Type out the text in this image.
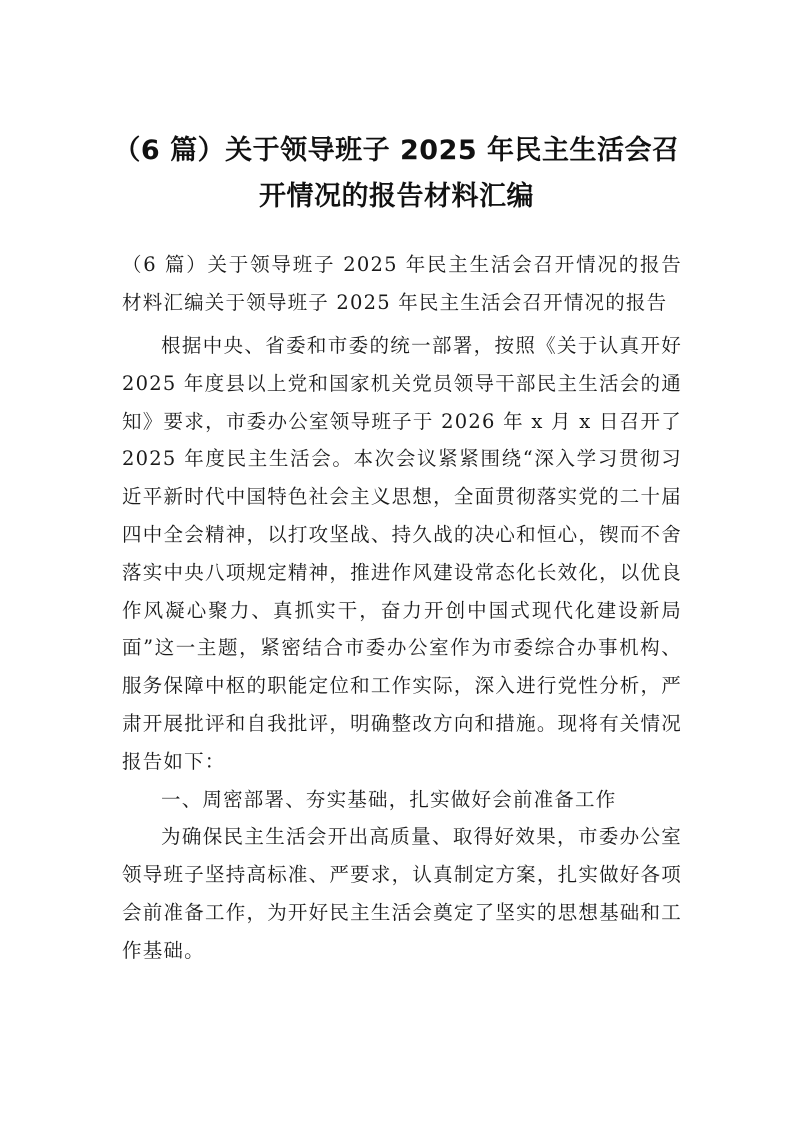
（6 篇）关于领导班子 2025 年民主生活会召
开情况的报告材料汇编
（6 篇）关于领导班子 2025 年民主生活会召开情况的报告材料汇编关于领导班子 2025 年民主生活会召开情况的报告

根据中央、省委和市委的统一部署，按照《关于认真开好 2025 年度县以上党和国家机关党员领导干部民主生活会的通知》要求，市委办公室领导班子于 2026 年 x 月 x 日召开了 2025 年度民主生活会。本次会议紧紧围绕“深入学习贯彻习近平新时代中国特色社会主义思想，全面贯彻落实党的二十届四中全会精神，以打攻坚战、持久战的决心和恒心，锲而不舍落实中央八项规定精神，推进作风建设常态化长效化，以优良作风凝心聚力、真抓实干，奋力开创中国式现代化建设新局面”这一主题，紧密结合市委办公室作为市委综合办事机构、服务保障中枢的职能定位和工作实际，深入进行党性分析，严肃开展批评和自我批评，明确整改方向和措施。现将有关情况报告如下：

一、周密部署、夯实基础，扎实做好会前准备工作

为确保民主生活会开出高质量、取得好效果，市委办公室领导班子坚持高标准、严要求，认真制定方案，扎实做好各项会前准备工作，为开好民主生活会奠定了坚实的思想基础和工作基础。
